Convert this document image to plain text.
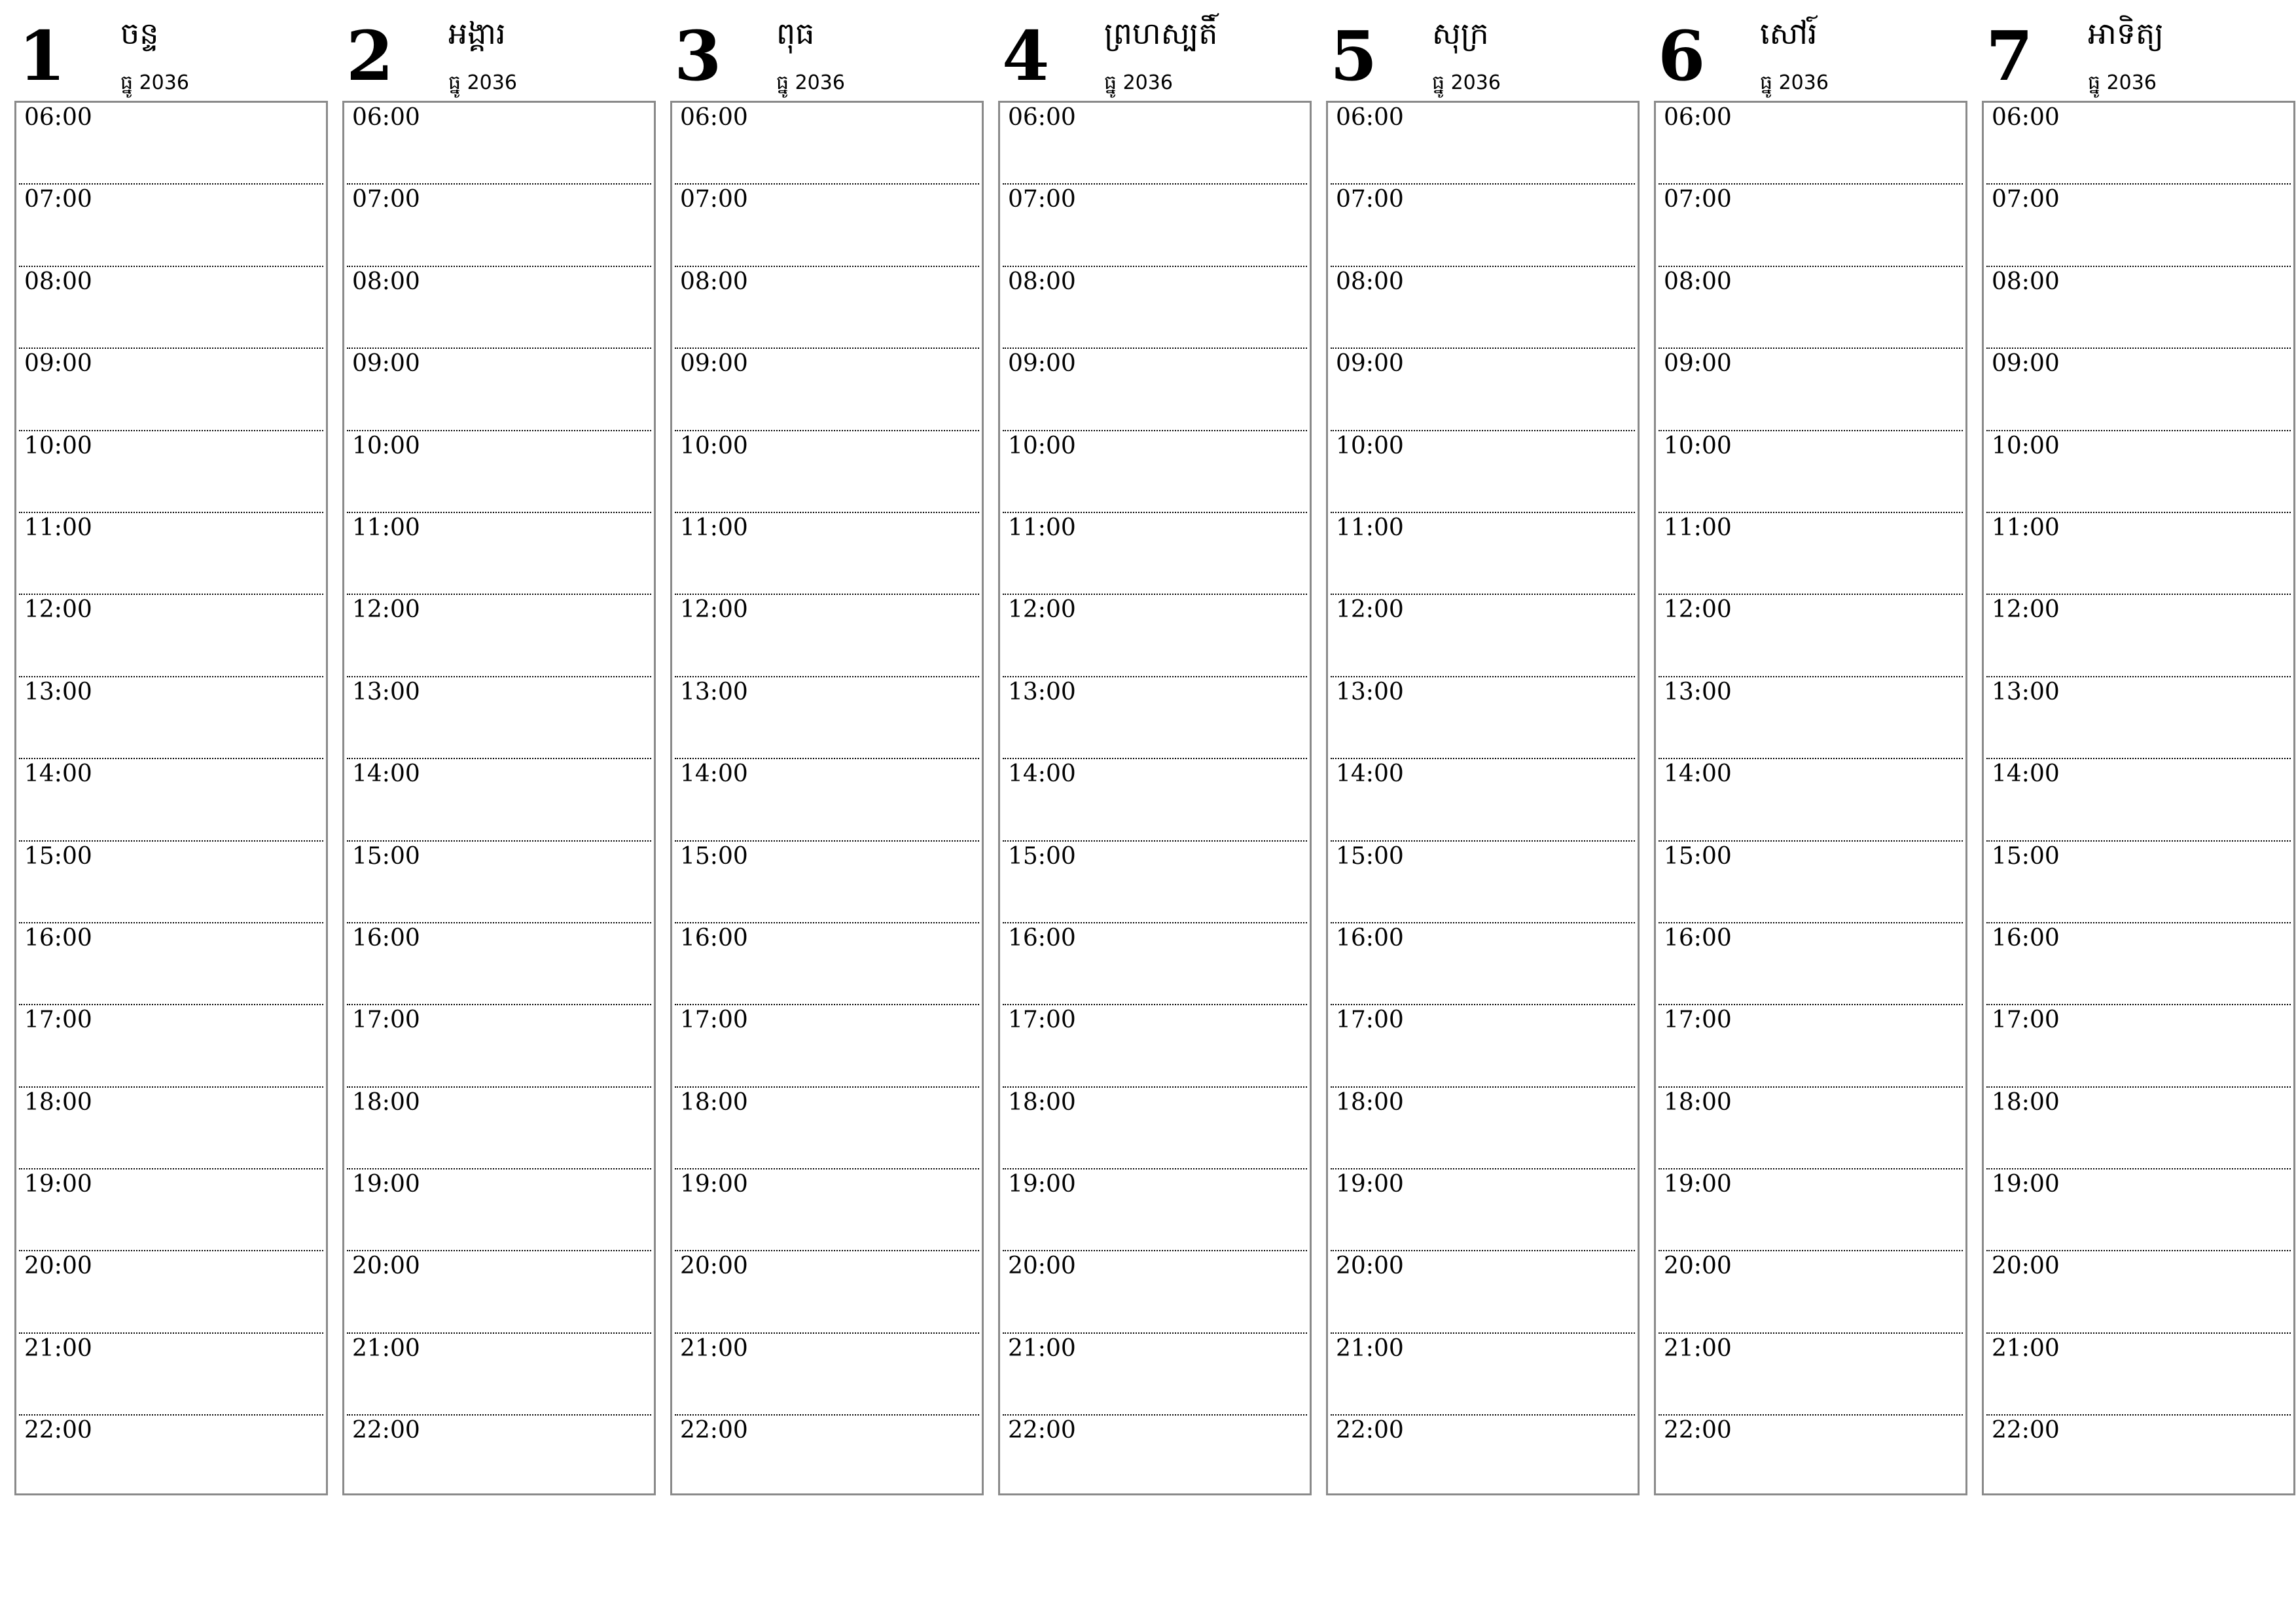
1 ចន្ទ
ធ្នូ 2036
06:00
07:00
08:00
09:00
10:00
11:00
12:00
13:00
14:00
15:00
16:00
17:00
18:00
19:00
20:00
21:00
22:00
2 អង្គារ
ធ្នូ 2036
06:00
07:00
08:00
09:00
10:00
11:00
12:00
13:00
14:00
15:00
16:00
17:00
18:00
19:00
20:00
21:00
22:00
3 ពុធ
ធ្នូ 2036
06:00
07:00
08:00
09:00
10:00
11:00
12:00
13:00
14:00
15:00
16:00
17:00
18:00
19:00
20:00
21:00
22:00
4 ព្រហស្បតិ៍
ធ្នូ 2036
06:00
07:00
08:00
09:00
10:00
11:00
12:00
13:00
14:00
15:00
16:00
17:00
18:00
19:00
20:00
21:00
22:00
5 សុក្រ
ធ្នូ 2036
06:00
07:00
08:00
09:00
10:00
11:00
12:00
13:00
14:00
15:00
16:00
17:00
18:00
19:00
20:00
21:00
22:00
6 សៅរ៍
ធ្នូ 2036
06:00
07:00
08:00
09:00
10:00
11:00
12:00
13:00
14:00
15:00
16:00
17:00
18:00
19:00
20:00
21:00
22:00
7 អាទិត្យ
ធ្នូ 2036
06:00
07:00
08:00
09:00
10:00
11:00
12:00
13:00
14:00
15:00
16:00
17:00
18:00
19:00
20:00
21:00
22:00
